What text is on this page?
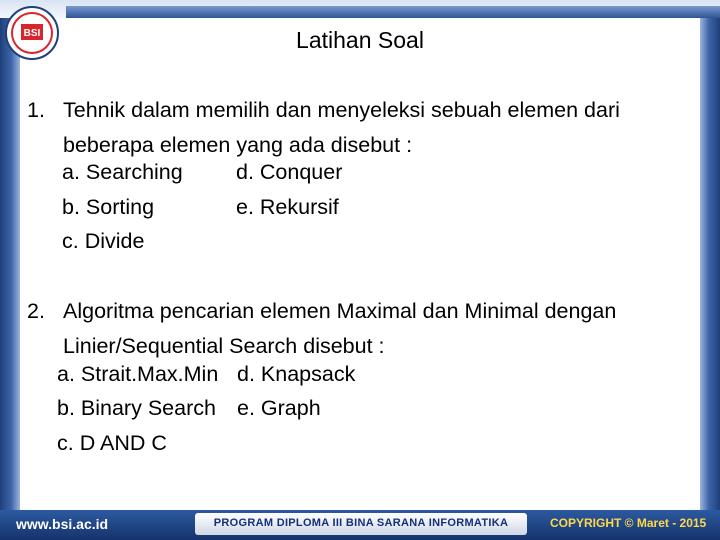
BSI	Latihan Soal
1. Tehnik dalam memilih dan menyeleksi sebuah elemen dari beberapa elemen yang ada disebut :
a. Searching
b. Sorting
c. Divide
d. Conquer
e. Rekursif
2. Algoritma pencarian elemen Maximal dan Minimal dengan Linier/Sequential Search disebut :
a. Strait.Max.Min
b. Binary Search
c. D AND C
d. Knapsack
e. Graph
www.bsi.ac.id	PROGRAM DIPLOMA III BINA SARANA INFORMATIKA	COPYRIGHT © Maret - 2015
